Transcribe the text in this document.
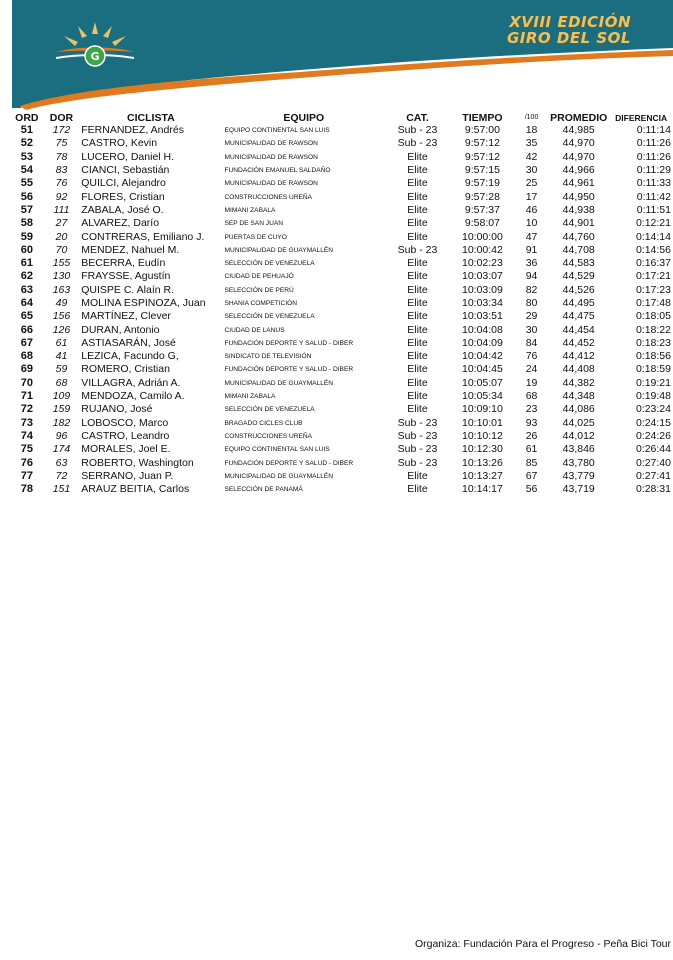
G
XVIII EDICIÓN
GIRO DEL SOL
ORD	DOR	CICLISTA	EQUIPO	CAT.	TIEMPO	/100	PROMEDIO	DIFERENCIA
51	172	FERNANDEZ, Andrés	EQUIPO CONTINENTAL SAN LUIS	Sub - 23	9:57:00	18	44,985	0:11:14
52	75	CASTRO, Kevin	MUNICIPALIDAD DE RAWSON	Sub - 23	9:57:12	35	44,970	0:11:26
53	78	LUCERO, Daniel H.	MUNICIPALIDAD DE RAWSON	Elite	9:57:12	42	44,970	0:11:26
54	83	CIANCI, Sebastián	FUNDACIÓN EMANUEL SALDAÑO	Elite	9:57:15	30	44,966	0:11:29
55	76	QUILCI, Alejandro	MUNICIPALIDAD DE RAWSON	Elite	9:57:19	25	44,961	0:11:33
56	92	FLORES, Cristian	CONSTRUCCIONES UREÑA	Elite	9:57:28	17	44,950	0:11:42
57	111	ZABALA, José O.	MIMANI ZABALA	Elite	9:57:37	46	44,938	0:11:51
58	27	ALVAREZ, Darío	SEP DE SAN JUAN	Elite	9:58:07	10	44,901	0:12:21
59	20	CONTRERAS, Emiliano J.	PUERTAS DE CUYO	Elite	10:00:00	47	44,760	0:14:14
60	70	MENDEZ, Nahuel M.	MUNICIPALIDAD DE GUAYMALLÉN	Sub - 23	10:00:42	91	44,708	0:14:56
61	155	BECERRA, Eudín	SELECCIÓN DE VENEZUELA	Elite	10:02:23	36	44,583	0:16:37
62	130	FRAYSSE, Agustín	CIUDAD DE PEHUAJÓ	Elite	10:03:07	94	44,529	0:17:21
63	163	QUISPE C. Alaín R.	SELECCIÓN DE PERÚ	Elite	10:03:09	82	44,526	0:17:23
64	49	MOLINA ESPINOZA, Juan	SHANIA COMPETICIÓN	Elite	10:03:34	80	44,495	0:17:48
65	156	MARTÍNEZ, Clever	SELECCIÓN DE VENEZUELA	Elite	10:03:51	29	44,475	0:18:05
66	126	DURAN, Antonio	CIUDAD DE LANUS	Elite	10:04:08	30	44,454	0:18:22
67	61	ASTIASARÁN, José	FUNDACIÓN DEPORTE Y SALUD - DIBER	Elite	10:04:09	84	44,452	0:18:23
68	41	LEZICA, Facundo G,	SINDICATO DE TELEVISIÓN	Elite	10:04:42	76	44,412	0:18:56
69	59	ROMERO, Cristian	FUNDACIÓN DEPORTE Y SALUD - DIBER	Elite	10:04:45	24	44,408	0:18:59
70	68	VILLAGRA, Adrián A.	MUNICIPALIDAD DE GUAYMALLÉN	Elite	10:05:07	19	44,382	0:19:21
71	109	MENDOZA, Camilo A.	MIMANI ZABALA	Elite	10:05:34	68	44,348	0:19:48
72	159	RUJANO, José	SELECCIÓN DE VENEZUELA	Elite	10:09:10	23	44,086	0:23:24
73	182	LOBOSCO, Marco	BRAGADO CICLES CLUB	Sub - 23	10:10:01	93	44,025	0:24:15
74	96	CASTRO, Leandro	CONSTRUCCIONES UREÑA	Sub - 23	10:10:12	26	44,012	0:24:26
75	174	MORALES, Joel E.	EQUIPO CONTINENTAL SAN LUIS	Sub - 23	10:12:30	61	43,846	0:26:44
76	63	ROBERTO, Washington	FUNDACIÓN DEPORTE Y SALUD - DIBER	Sub - 23	10:13:26	85	43,780	0:27:40
77	72	SERRANO, Juan P.	MUNICIPALIDAD DE GUAYMALLÉN	Elite	10:13:27	67	43,779	0:27:41
78	151	ARAUZ BEITIA, Carlos	SELECCIÓN DE PANAMÁ	Elite	10:14:17	56	43,719	0:28:31
Organiza: Fundación Para el Progreso - Peña Bici Tour
